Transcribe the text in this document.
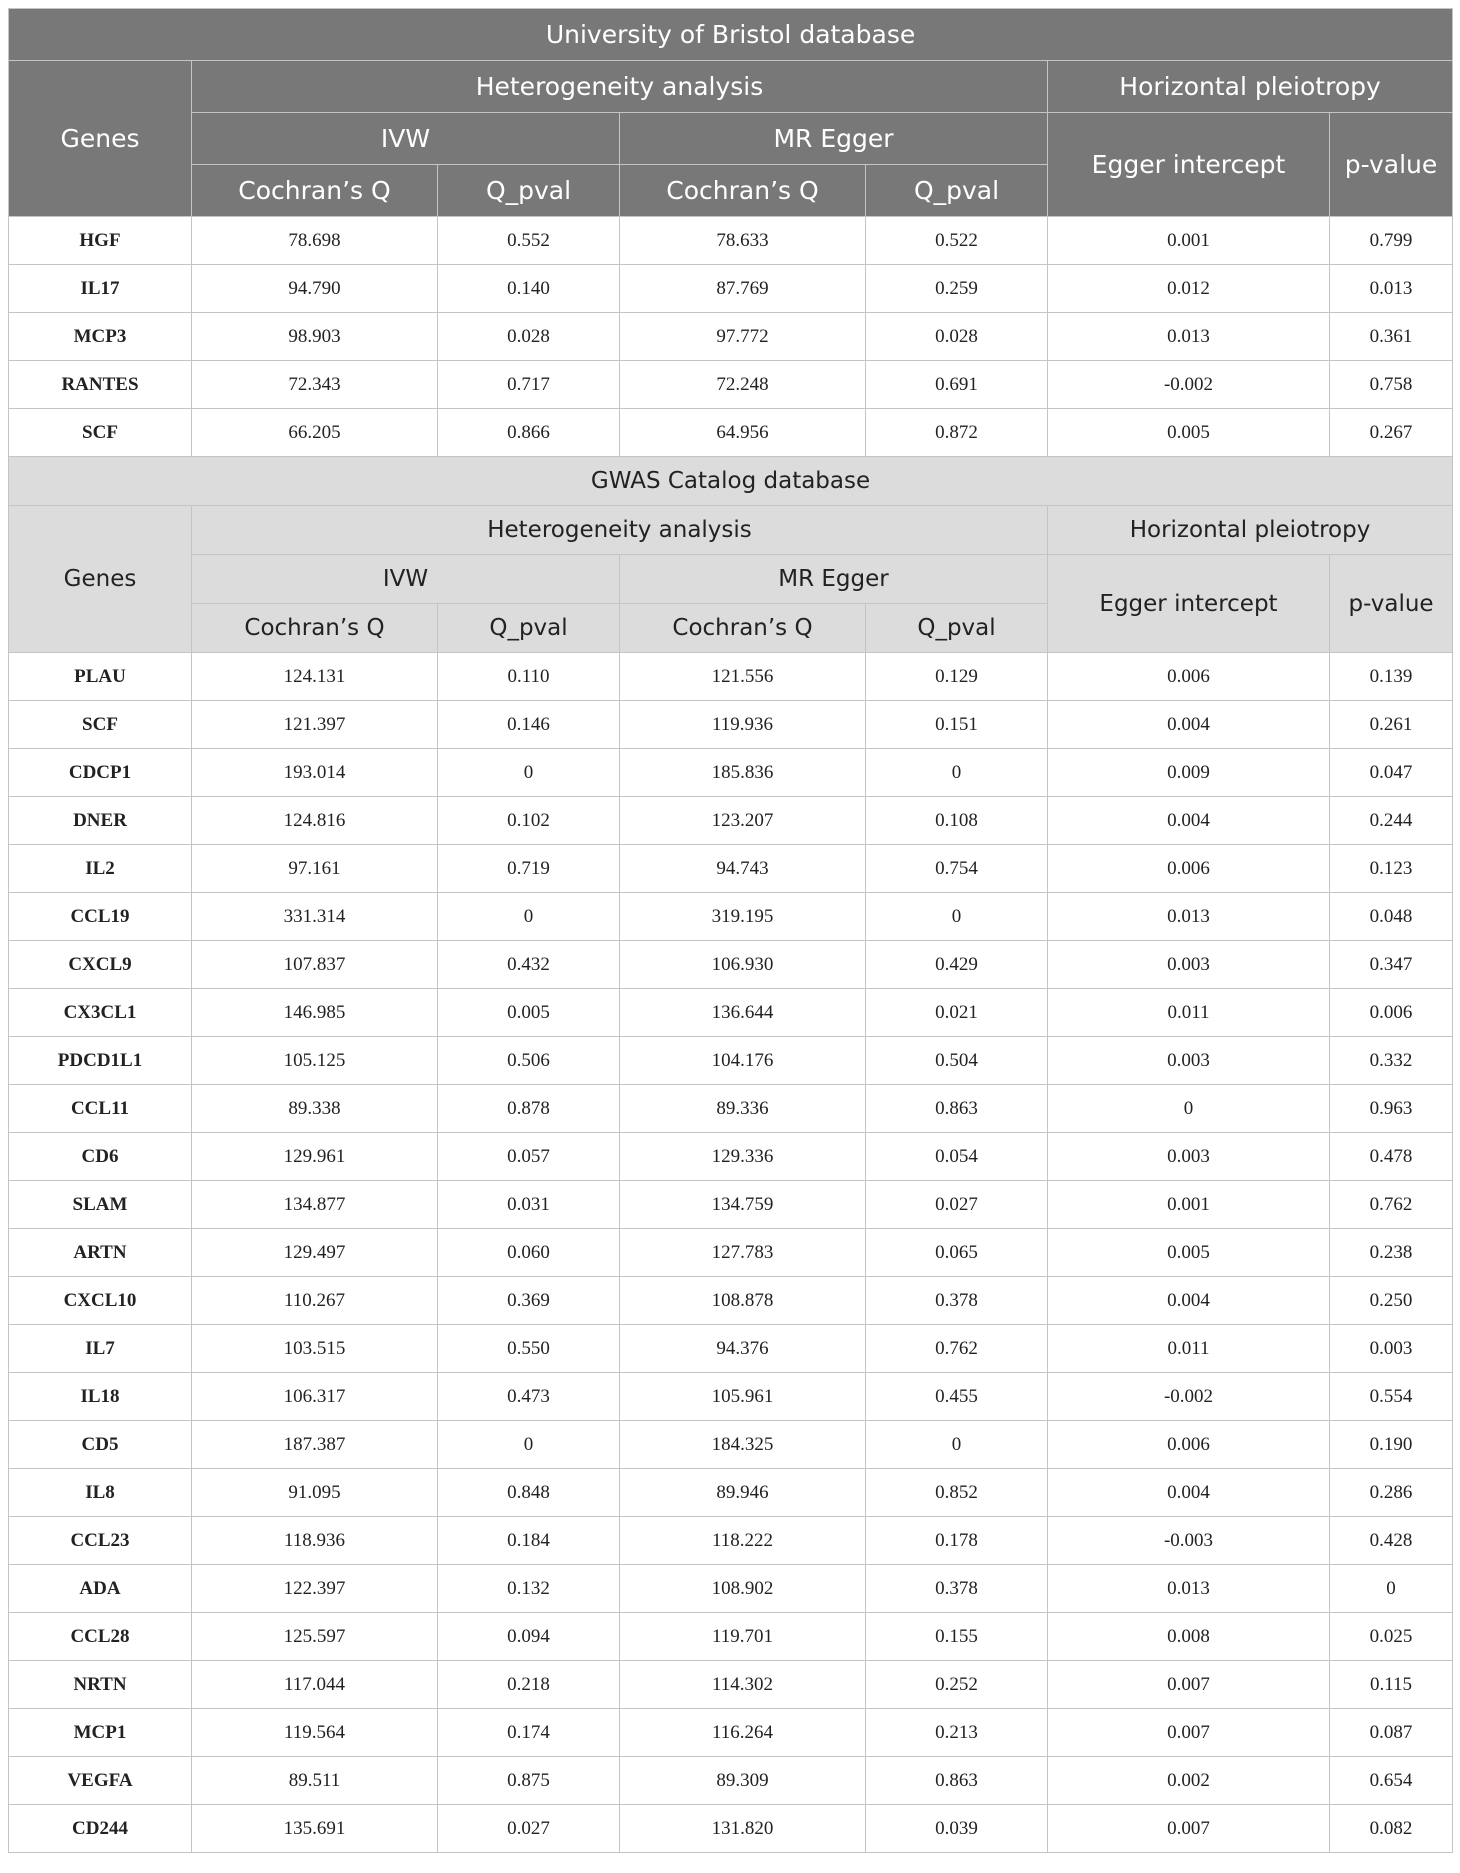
University of Bristol database						
Genes	Heterogeneity analysis				Horizontal pleiotropy	
	IVW		MR Egger		Egger intercept	p-value
	Cochran’s Q	Q_pval	Cochran’s Q	Q_pval		
HGF	78.698	0.552	78.633	0.522	0.001	0.799
IL17	94.790	0.140	87.769	0.259	0.012	0.013
MCP3	98.903	0.028	97.772	0.028	0.013	0.361
RANTES	72.343	0.717	72.248	0.691	-0.002	0.758
SCF	66.205	0.866	64.956	0.872	0.005	0.267
GWAS Catalog database						
Genes	Heterogeneity analysis				Horizontal pleiotropy	
	IVW		MR Egger		Egger intercept	p-value
	Cochran’s Q	Q_pval	Cochran’s Q	Q_pval		
PLAU	124.131	0.110	121.556	0.129	0.006	0.139
SCF	121.397	0.146	119.936	0.151	0.004	0.261
CDCP1	193.014	0	185.836	0	0.009	0.047
DNER	124.816	0.102	123.207	0.108	0.004	0.244
IL2	97.161	0.719	94.743	0.754	0.006	0.123
CCL19	331.314	0	319.195	0	0.013	0.048
CXCL9	107.837	0.432	106.930	0.429	0.003	0.347
CX3CL1	146.985	0.005	136.644	0.021	0.011	0.006
PDCD1L1	105.125	0.506	104.176	0.504	0.003	0.332
CCL11	89.338	0.878	89.336	0.863	0	0.963
CD6	129.961	0.057	129.336	0.054	0.003	0.478
SLAM	134.877	0.031	134.759	0.027	0.001	0.762
ARTN	129.497	0.060	127.783	0.065	0.005	0.238
CXCL10	110.267	0.369	108.878	0.378	0.004	0.250
IL7	103.515	0.550	94.376	0.762	0.011	0.003
IL18	106.317	0.473	105.961	0.455	-0.002	0.554
CD5	187.387	0	184.325	0	0.006	0.190
IL8	91.095	0.848	89.946	0.852	0.004	0.286
CCL23	118.936	0.184	118.222	0.178	-0.003	0.428
ADA	122.397	0.132	108.902	0.378	0.013	0
CCL28	125.597	0.094	119.701	0.155	0.008	0.025
NRTN	117.044	0.218	114.302	0.252	0.007	0.115
MCP1	119.564	0.174	116.264	0.213	0.007	0.087
VEGFA	89.511	0.875	89.309	0.863	0.002	0.654
CD244	135.691	0.027	131.820	0.039	0.007	0.082
